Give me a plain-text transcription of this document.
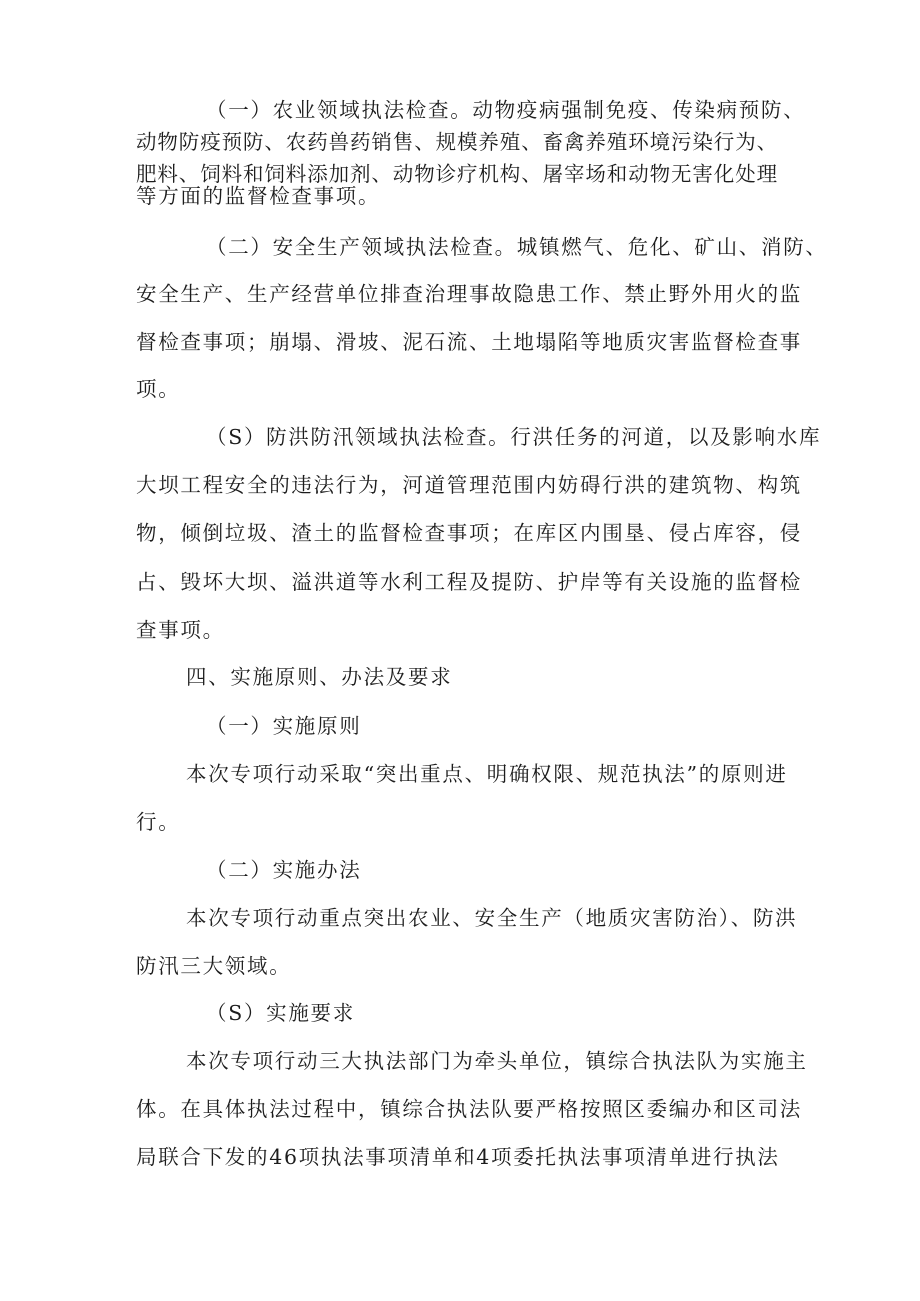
（一）农业领域执法检查。动物疫病强制免疫、传染病预防、
动物防疫预防、农药兽药销售、规模养殖、畜禽养殖环境污染行为、
肥料、饲料和饲料添加剂、动物诊疗机构、屠宰场和动物无害化处理
等方面的监督检查事项。
（二）安全生产领域执法检查。城镇燃气、危化、矿山、消防、
安全生产、生产经营单位排查治理事故隐患工作、禁止野外用火的监
督检查事项；崩塌、滑坡、泥石流、土地塌陷等地质灾害监督检查事
项。
（S）防洪防汛领域执法检查。行洪任务的河道，以及影响水库
大坝工程安全的违法行为，河道管理范围内妨碍行洪的建筑物、构筑
物，倾倒垃圾、渣土的监督检查事项；在库区内围垦、侵占库容，侵
占、毁坏大坝、溢洪道等水利工程及提防、护岸等有关设施的监督检
查事项。
四、实施原则、办法及要求
（一）实施原则
本次专项行动采取“突出重点、明确权限、规范执法”的原则进
行。
（二）实施办法
本次专项行动重点突出农业、安全生产（地质灾害防治）、防洪
防汛三大领域。
（S）实施要求
本次专项行动三大执法部门为牵头单位，镇综合执法队为实施主
体。在具体执法过程中，镇综合执法队要严格按照区委编办和区司法
局联合下发的46项执法事项清单和4项委托执法事项清单进行执法
